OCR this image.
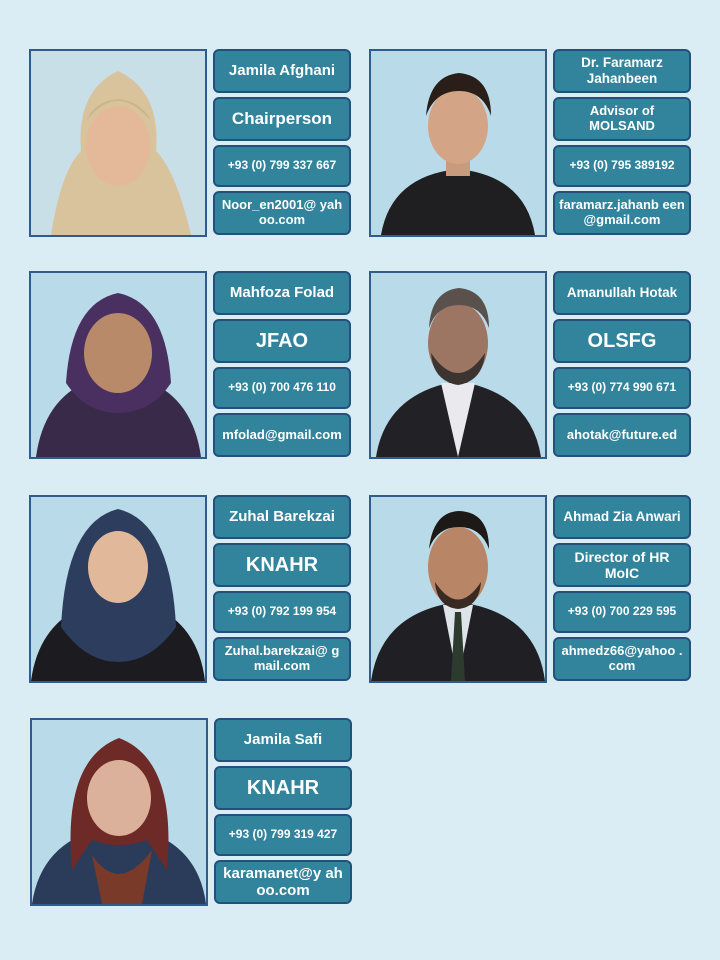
Jamila Afghani
Chairperson
+93 (0) 799 337 667
Noor_en2001@ yahoo.com
Dr. Faramarz Jahanbeen
Advisor of MOLSAND
+93 (0) 795 389192
faramarz.jahanb een@gmail.com
Mahfoza Folad
JFAO
+93 (0) 700 476 110
mfolad@gmail.com
Amanullah Hotak
OLSFG
+93 (0) 774 990 671
ahotak@future.ed
Zuhal Barekzai
KNAHR
+93 (0) 792 199 954
Zuhal.barekzai@ gmail.com
Ahmad Zia Anwari
Director of HR MoIC
+93 (0) 700 229 595
ahmedz66@yahoo .com
Jamila Safi
KNAHR
+93 (0) 799 319 427
karamanet@y ahoo.com
